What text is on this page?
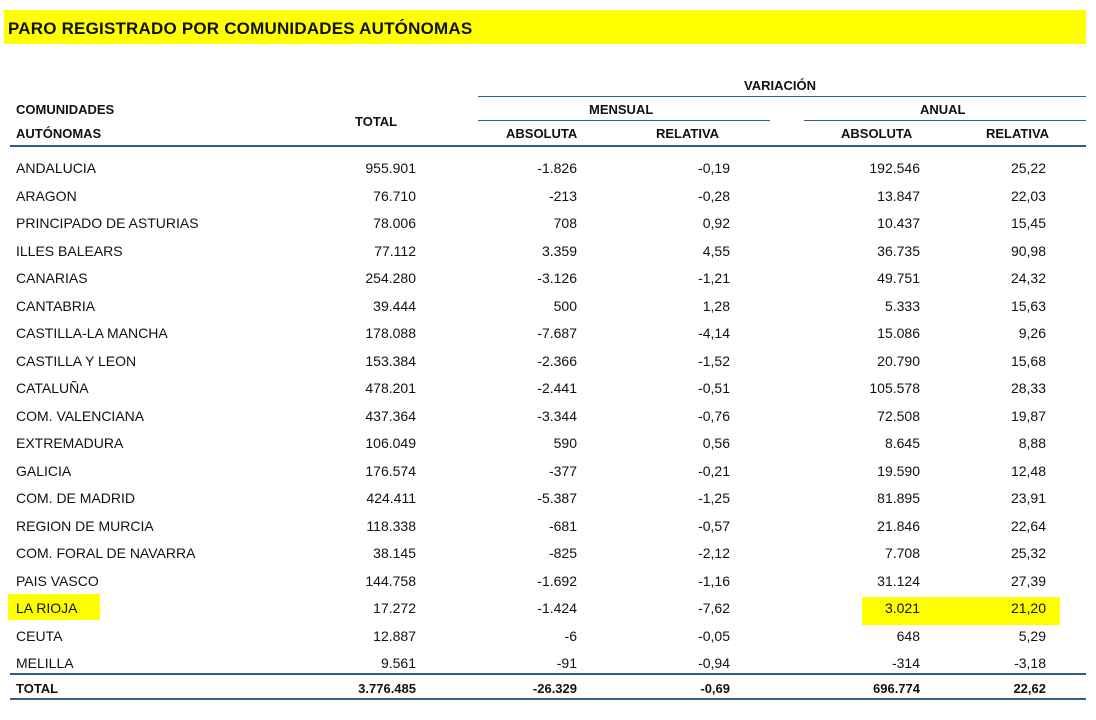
PARO REGISTRADO POR COMUNIDADES AUTÓNOMAS
VARIACIÓN
COMUNIDADES
AUTÓNOMAS
TOTAL
MENSUAL	ANUAL
ABSOLUTA	RELATIVA	ABSOLUTA	RELATIVA
ANDALUCIA	955.901	-1.826	-0,19	192.546	25,22
ARAGON	76.710	-213	-0,28	13.847	22,03
PRINCIPADO DE ASTURIAS	78.006	708	0,92	10.437	15,45
ILLES BALEARS	77.112	3.359	4,55	36.735	90,98
CANARIAS	254.280	-3.126	-1,21	49.751	24,32
CANTABRIA	39.444	500	1,28	5.333	15,63
CASTILLA-LA MANCHA	178.088	-7.687	-4,14	15.086	9,26
CASTILLA Y LEON	153.384	-2.366	-1,52	20.790	15,68
CATALUÑA	478.201	-2.441	-0,51	105.578	28,33
COM. VALENCIANA	437.364	-3.344	-0,76	72.508	19,87
EXTREMADURA	106.049	590	0,56	8.645	8,88
GALICIA	176.574	-377	-0,21	19.590	12,48
COM. DE MADRID	424.411	-5.387	-1,25	81.895	23,91
REGION DE MURCIA	118.338	-681	-0,57	21.846	22,64
COM. FORAL DE NAVARRA	38.145	-825	-2,12	7.708	25,32
PAIS VASCO	144.758	-1.692	-1,16	31.124	27,39
LA RIOJA	17.272	-1.424	-7,62	3.021	21,20
CEUTA	12.887	-6	-0,05	648	5,29
MELILLA	9.561	-91	-0,94	-314	-3,18
TOTAL	3.776.485	-26.329	-0,69	696.774	22,62
